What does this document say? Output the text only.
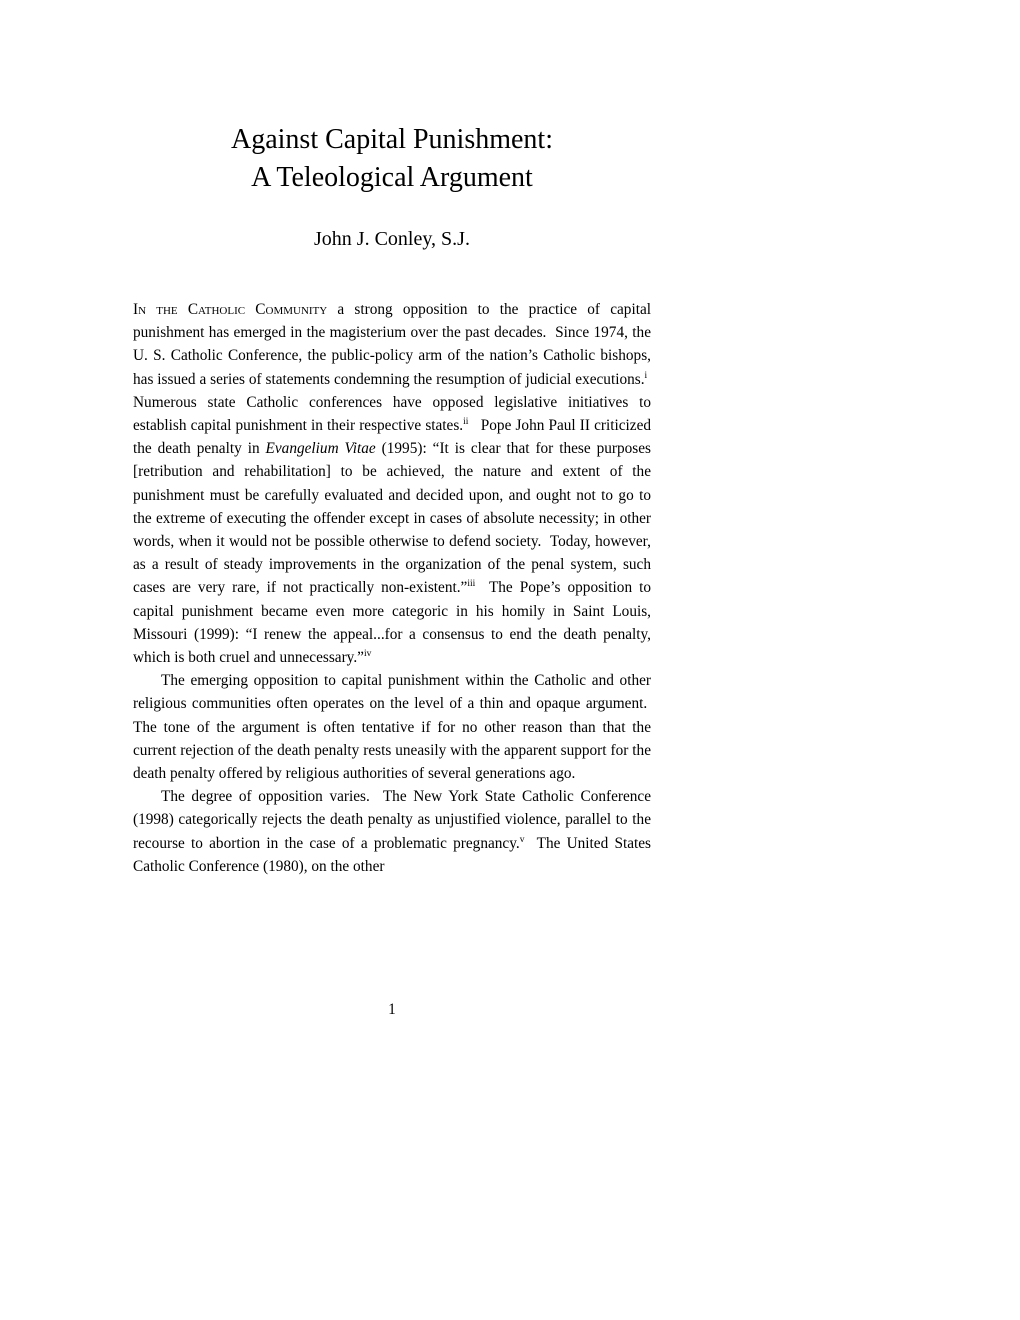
Against Capital Punishment:
A Teleological Argument
John J. Conley, S.J.

In the Catholic Community a strong opposition to the practice of capital punishment has emerged in the magisterium over the past decades.  Since 1974, the U. S. Catholic Conference, the public-policy arm of the nation’s Catholic bishops, has issued a series of statements condemning the resumption of judicial executions.$^i$  Numerous state Catholic conferences have opposed legislative initiatives to establish capital punishment in their respective states.$^{ii}$   Pope John Paul II criticized the death penalty in Evangelium Vitae (1995): “It is clear that for these purposes [retribution and rehabilitation] to be achieved, the nature and extent of the punishment must be carefully evaluated and decided upon, and ought not to go to the extreme of executing the offender except in cases of absolute necessity; in other words, when it would not be possible otherwise to defend society.  Today, however, as a result of steady improvements in the organization of the penal system, such cases are very rare, if not practically non-existent.”$^{iii}$  The Pope’s opposition to capital punishment became even more categoric in his homily in Saint Louis, Missouri (1999): “I renew the appeal...for a consensus to end the death penalty, which is both cruel and unnecessary.”$^{iv}$

The emerging opposition to capital punishment within the Catholic and other religious communities often operates on the level of a thin and opaque argument.  The tone of the argument is often tentative if for no other reason than that the current rejection of the death penalty rests uneasily with the apparent support for the death penalty offered by religious authorities of several generations ago.

The degree of opposition varies.  The New York State Catholic Conference (1998) categorically rejects the death penalty as unjustified violence, parallel to the recourse to abortion in the case of a problematic pregnancy.$^v$  The United States Catholic Conference (1980), on the other

1
